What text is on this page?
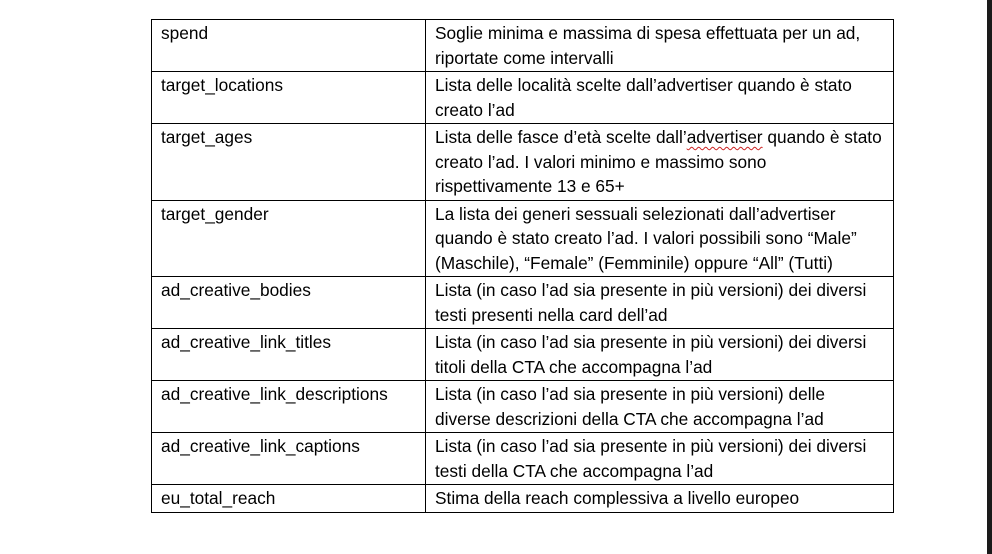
spend	Soglie minima e massima di spesa effettuata per un ad, riportate come intervalli
target_locations	Lista delle località scelte dall’advertiser quando è stato creato l’ad
target_ages	Lista delle fasce d’età scelte dall’advertiser quando è stato creato l’ad. I valori minimo e massimo sono rispettivamente 13 e 65+
target_gender	La lista dei generi sessuali selezionati dall’advertiser quando è stato creato l’ad. I valori possibili sono “Male” (Maschile), “Female” (Femminile) oppure “All” (Tutti)
ad_creative_bodies	Lista (in caso l’ad sia presente in più versioni) dei diversi testi presenti nella card dell’ad
ad_creative_link_titles	Lista (in caso l’ad sia presente in più versioni) dei diversi titoli della CTA che accompagna l’ad
ad_creative_link_descriptions	Lista (in caso l’ad sia presente in più versioni) delle diverse descrizioni della CTA che accompagna l’ad
ad_creative_link_captions	Lista (in caso l’ad sia presente in più versioni) dei diversi testi della CTA che accompagna l’ad
eu_total_reach	Stima della reach complessiva a livello europeo
